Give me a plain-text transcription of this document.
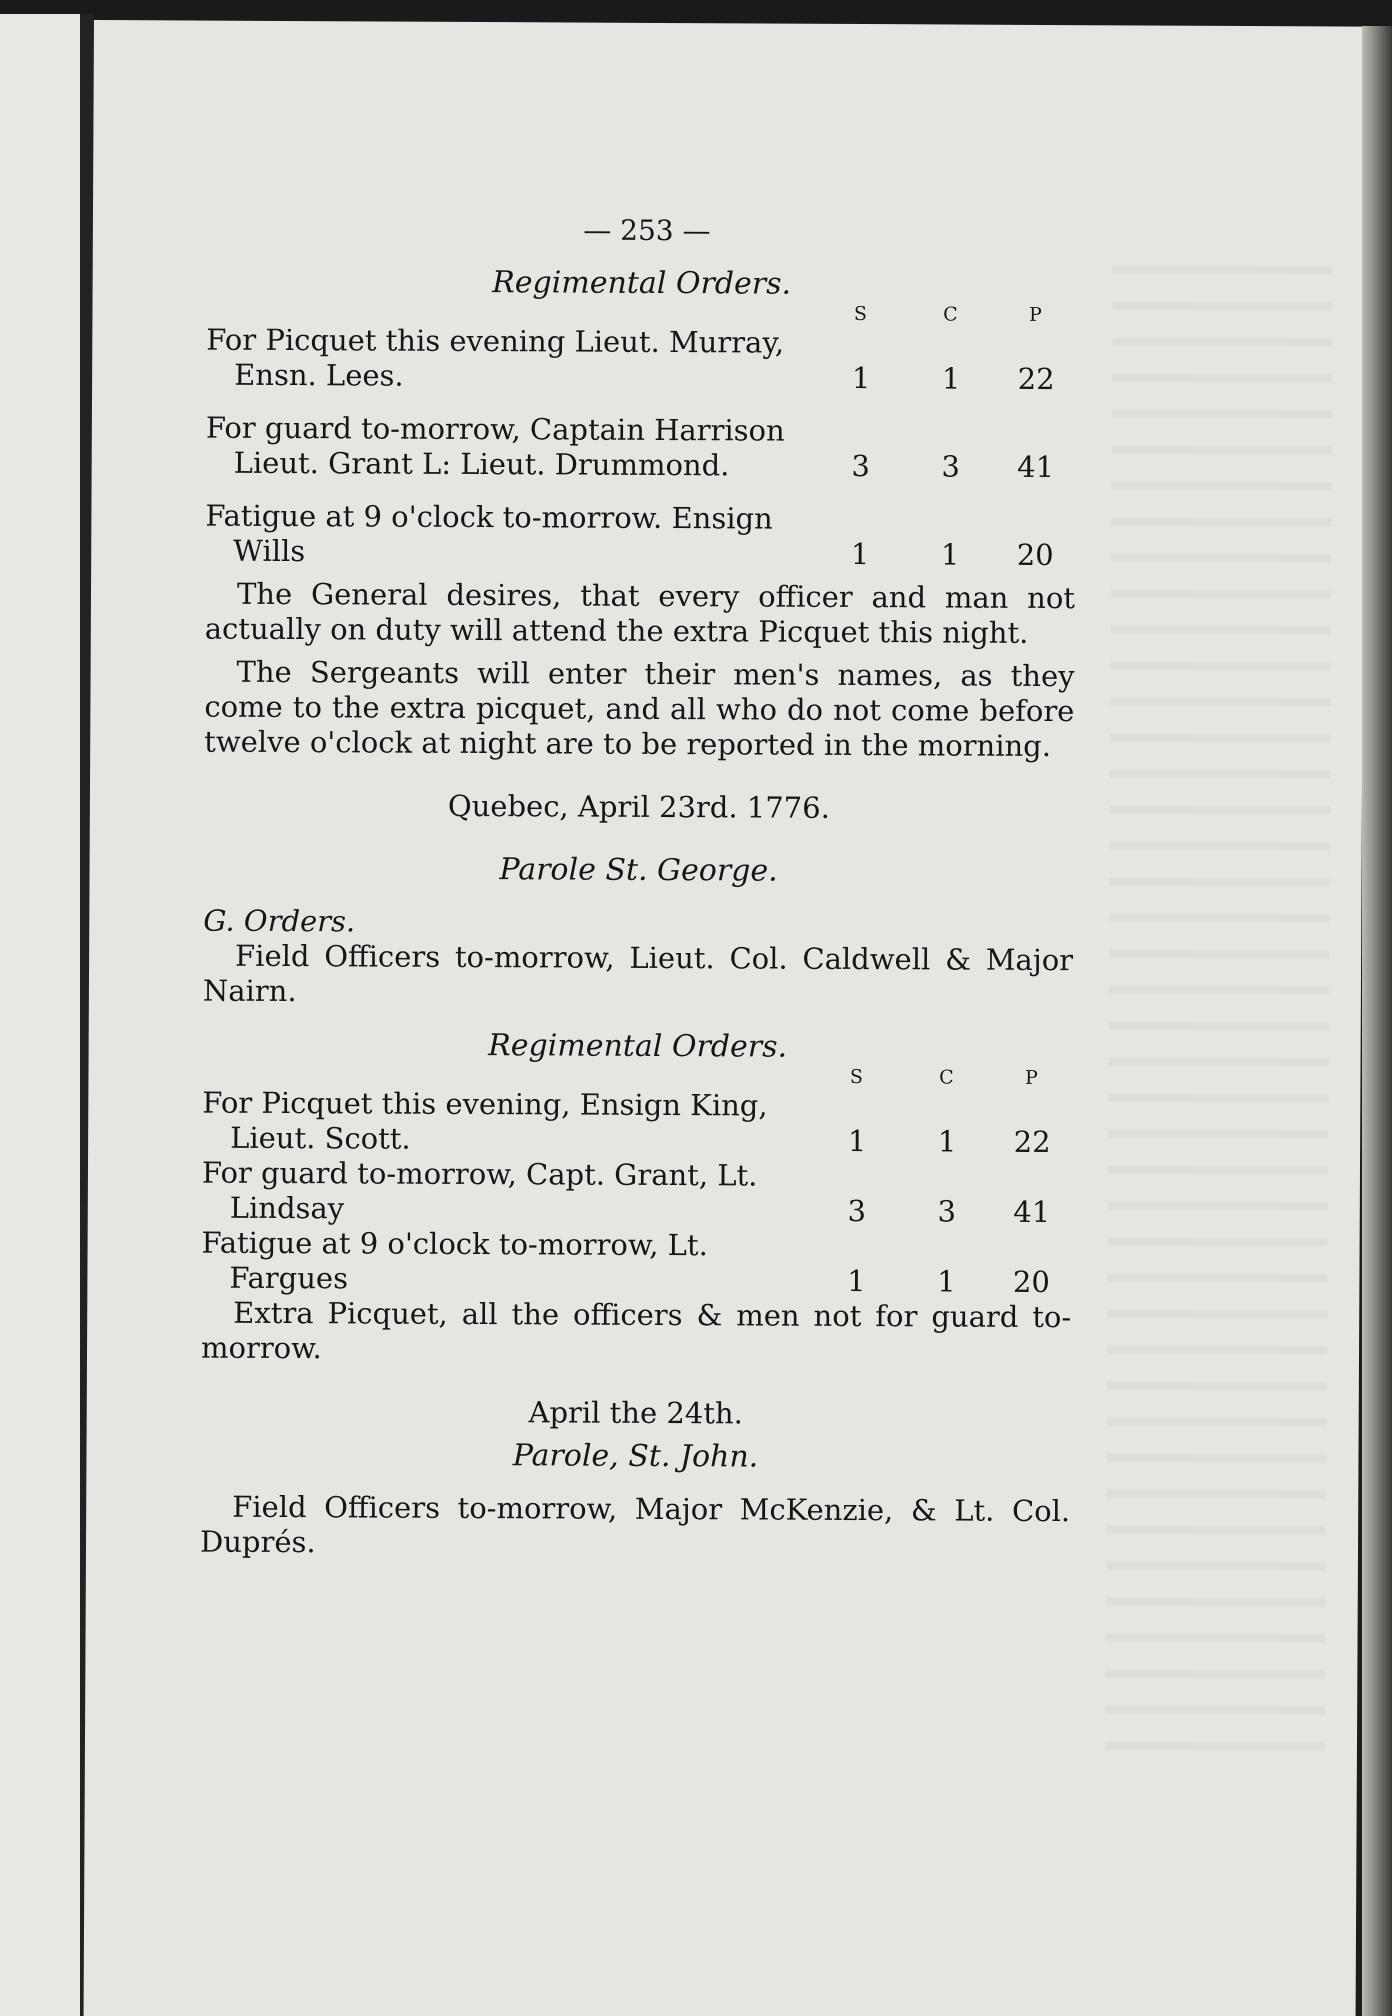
— 253 —
Regimental Orders.
S	C	P
For Picquet this evening Lieut. Murray, Ensn. Lees.	1	1	22
For guard to-morrow, Captain Harrison Lieut. Grant L: Lieut. Drummond.	3	3	41
Fatigue at 9 o'clock to-morrow. Ensign Wills	1	1	20
The General desires, that every officer and man not actually on duty will attend the extra Picquet this night.
The Sergeants will enter their men's names, as they come to the extra picquet, and all who do not come before twelve o'clock at night are to be reported in the morning.
Quebec, April 23rd. 1776.
Parole St. George.
G. Orders.
Field Officers to-morrow, Lieut. Col. Caldwell & Major Nairn.
Regimental Orders.
S	C	P
For Picquet this evening, Ensign King, Lieut. Scott.	1	1	22
For guard to-morrow, Capt. Grant, Lt. Lindsay	3	3	41
Fatigue at 9 o'clock to-morrow, Lt. Fargues	1	1	20
Extra Picquet, all the officers & men not for guard to-morrow.
April the 24th.
Parole, St. John.
Field Officers to-morrow, Major McKenzie, & Lt. Col. Duprés.
